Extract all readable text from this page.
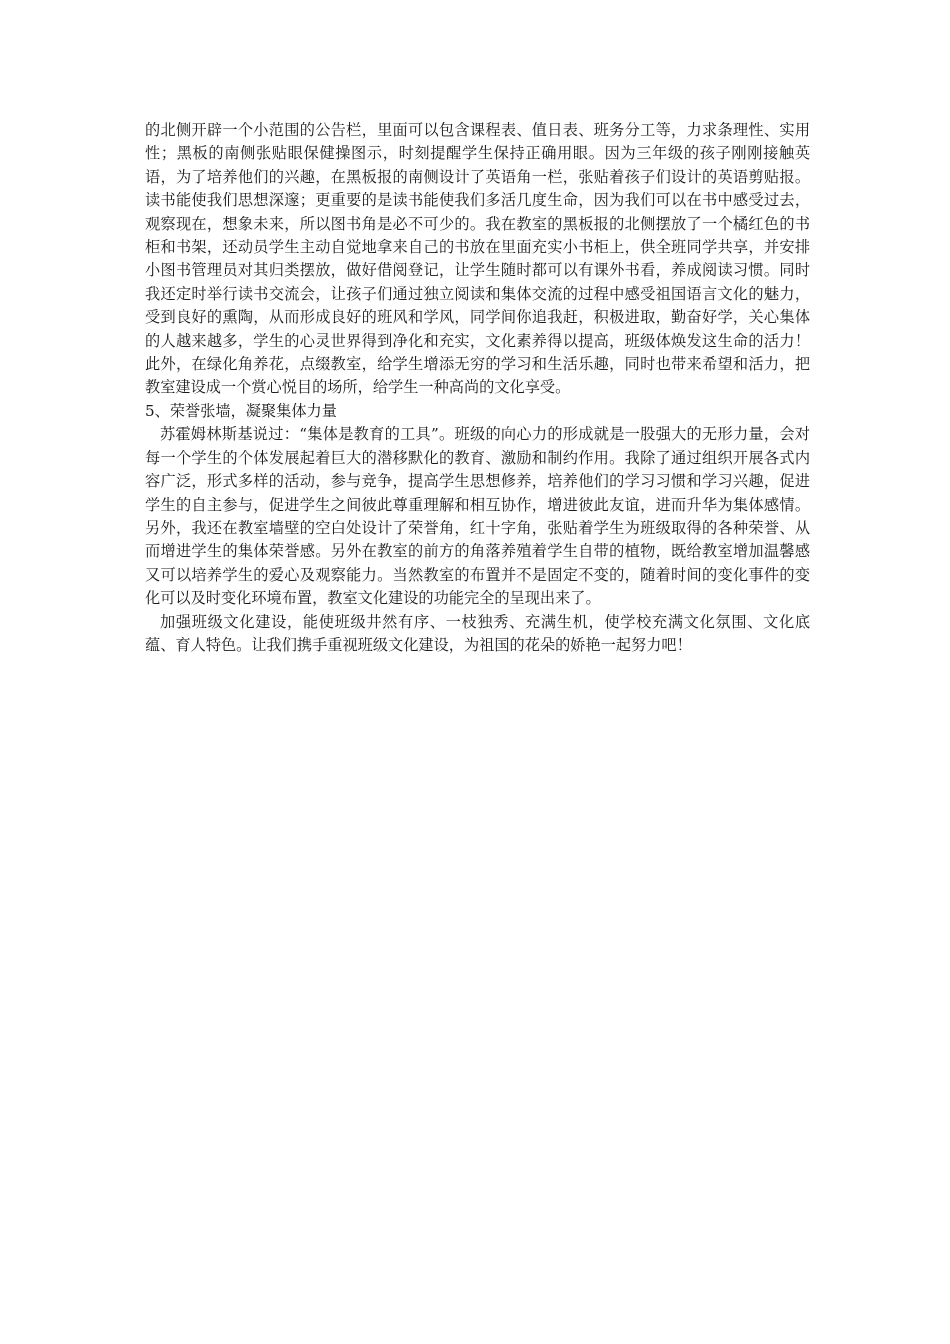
的北侧开辟一个小范围的公告栏，里面可以包含课程表、值日表、班务分工等，力求条理性、实用性；黑板的南侧张贴眼保健操图示，时刻提醒学生保持正确用眼。因为三年级的孩子刚刚接触英语，为了培养他们的兴趣，在黑板报的南侧设计了英语角一栏，张贴着孩子们设计的英语剪贴报。读书能使我们思想深邃；更重要的是读书能使我们多活几度生命，因为我们可以在书中感受过去，观察现在，想象未来，所以图书角是必不可少的。我在教室的黑板报的北侧摆放了一个橘红色的书柜和书架，还动员学生主动自觉地拿来自己的书放在里面充实小书柜上，供全班同学共享，并安排小图书管理员对其归类摆放，做好借阅登记，让学生随时都可以有课外书看，养成阅读习惯。同时我还定时举行读书交流会，让孩子们通过独立阅读和集体交流的过程中感受祖国语言文化的魅力，受到良好的熏陶，从而形成良好的班风和学风，同学间你追我赶，积极进取，勤奋好学，关心集体的人越来越多，学生的心灵世界得到净化和充实，文化素养得以提高，班级体焕发这生命的活力！此外，在绿化角养花，点缀教室，给学生增添无穷的学习和生活乐趣，同时也带来希望和活力，把教室建设成一个赏心悦目的场所，给学生一种高尚的文化享受。

5、荣誉张墙，凝聚集体力量

苏霍姆林斯基说过：“集体是教育的工具”。班级的向心力的形成就是一股强大的无形力量，会对每一个学生的个体发展起着巨大的潜移默化的教育、激励和制约作用。我除了通过组织开展各式内容广泛，形式多样的活动，参与竞争，提高学生思想修养，培养他们的学习习惯和学习兴趣，促进学生的自主参与，促进学生之间彼此尊重理解和相互协作，增进彼此友谊，进而升华为集体感情。另外，我还在教室墙壁的空白处设计了荣誉角，红十字角，张贴着学生为班级取得的各种荣誉、从而增进学生的集体荣誉感。另外在教室的前方的角落养殖着学生自带的植物，既给教室增加温馨感又可以培养学生的爱心及观察能力。当然教室的布置并不是固定不变的，随着时间的变化事件的变化可以及时变化环境布置，教室文化建设的功能完全的呈现出来了。

加强班级文化建设，能使班级井然有序、一枝独秀、充满生机，使学校充满文化氛围、文化底蕴、育人特色。让我们携手重视班级文化建设，为祖国的花朵的娇艳一起努力吧！
